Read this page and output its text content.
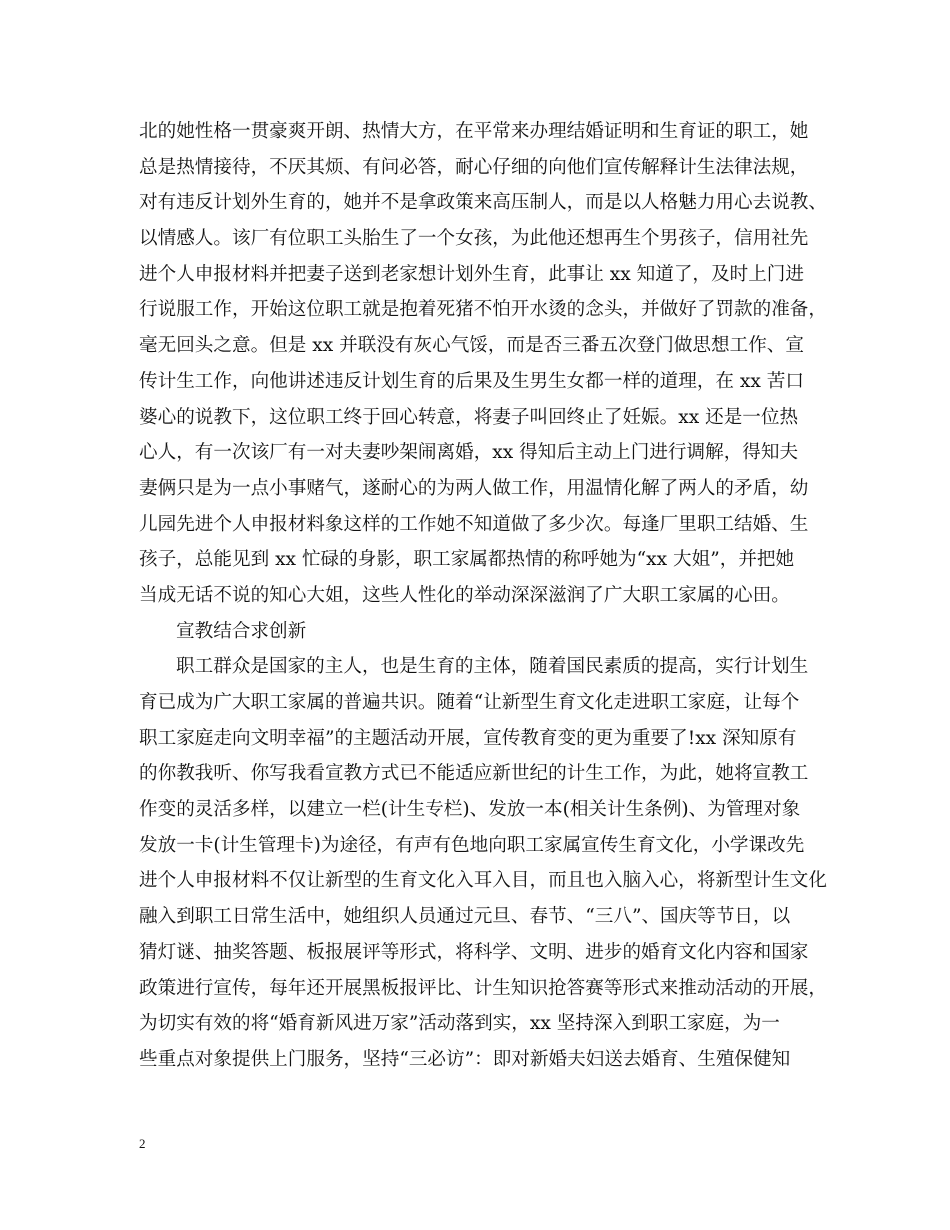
北的她性格一贯豪爽开朗、热情大方，在平常来办理结婚证明和生育证的职工，她
总是热情接待，不厌其烦、有问必答，耐心仔细的向他们宣传解释计生法律法规，
对有违反计划外生育的，她并不是拿政策来高压制人，而是以人格魅力用心去说教、
以情感人。该厂有位职工头胎生了一个女孩，为此他还想再生个男孩子，信用社先
进个人申报材料并把妻子送到老家想计划外生育，此事让 xx 知道了，及时上门进
行说服工作，开始这位职工就是抱着死猪不怕开水烫的念头，并做好了罚款的准备，
毫无回头之意。但是 xx 并联没有灰心气馁，而是否三番五次登门做思想工作、宣
传计生工作，向他讲述违反计划生育的后果及生男生女都一样的道理，在 xx 苦口
婆心的说教下，这位职工终于回心转意，将妻子叫回终止了妊娠。xx 还是一位热
心人，有一次该厂有一对夫妻吵架闹离婚，xx 得知后主动上门进行调解，得知夫
妻俩只是为一点小事赌气，遂耐心的为两人做工作，用温情化解了两人的矛盾，幼
儿园先进个人申报材料象这样的工作她不知道做了多少次。每逢厂里职工结婚、生
孩子，总能见到 xx 忙碌的身影，职工家属都热情的称呼她为“xx 大姐”，并把她
当成无话不说的知心大姐，这些人性化的举动深深滋润了广大职工家属的心田。
宣教结合求创新
职工群众是国家的主人，也是生育的主体，随着国民素质的提高，实行计划生
育已成为广大职工家属的普遍共识。随着“让新型生育文化走进职工家庭，让每个
职工家庭走向文明幸福”的主题活动开展，宣传教育变的更为重要了!xx 深知原有
的你教我听、你写我看宣教方式已不能适应新世纪的计生工作，为此，她将宣教工
作变的灵活多样，以建立一栏(计生专栏)、发放一本(相关计生条例)、为管理对象
发放一卡(计生管理卡)为途径，有声有色地向职工家属宣传生育文化，小学课改先
进个人申报材料不仅让新型的生育文化入耳入目，而且也入脑入心，将新型计生文化
融入到职工日常生活中，她组织人员通过元旦、春节、“三八”、国庆等节日，以
猜灯谜、抽奖答题、板报展评等形式，将科学、文明、进步的婚育文化内容和国家
政策进行宣传，每年还开展黑板报评比、计生知识抢答赛等形式来推动活动的开展，
为切实有效的将“婚育新风进万家”活动落到实，xx 坚持深入到职工家庭，为一
些重点对象提供上门服务，坚持“三必访”：即对新婚夫妇送去婚育、生殖保健知
2
